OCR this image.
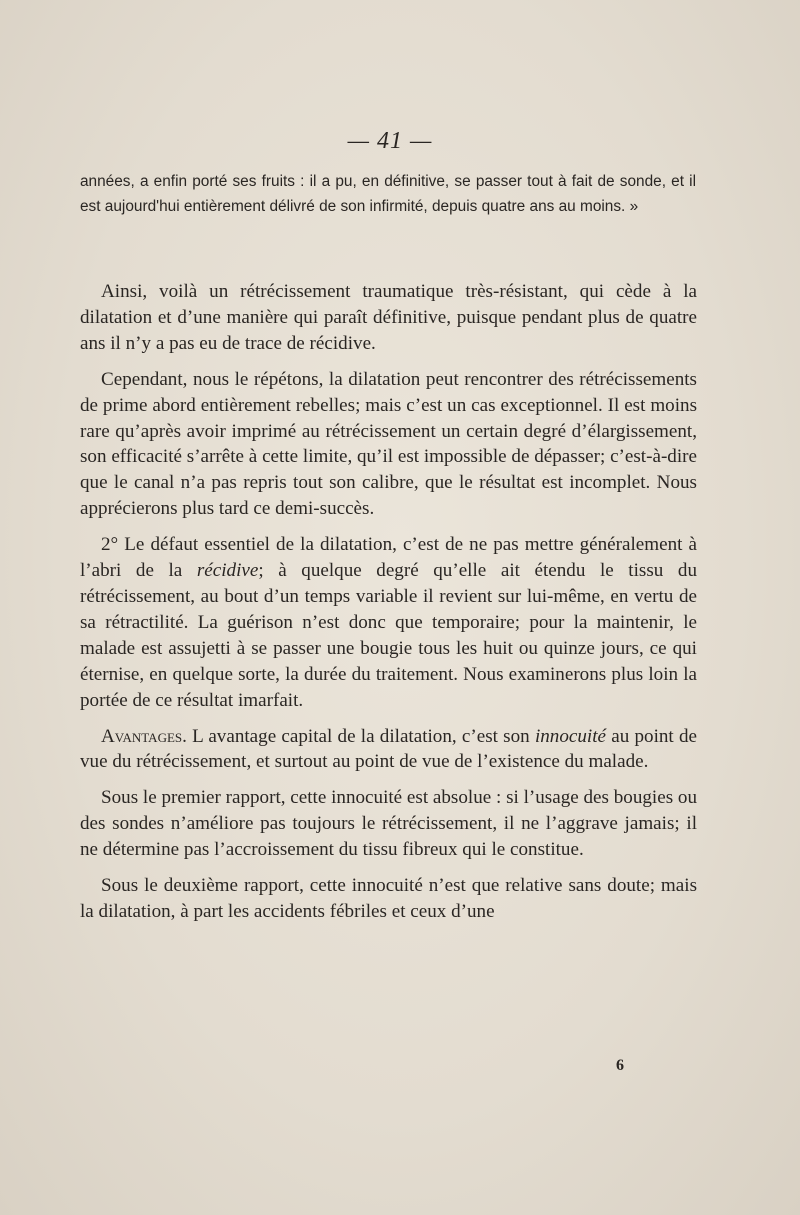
— 41 —

années, a enfin porté ses fruits : il a pu, en définitive, se passer tout à fait de sonde, et il est aujourd'hui entièrement délivré de son infirmité, depuis quatre ans au moins. »

Ainsi, voilà un rétrécissement traumatique très-résistant, qui cède à la dilatation et d’une manière qui paraît définitive, puisque pendant plus de quatre ans il n’y a pas eu de trace de récidive.

Cependant, nous le répétons, la dilatation peut rencontrer des rétrécissements de prime abord entièrement rebelles; mais c’est un cas exceptionnel. Il est moins rare qu’après avoir imprimé au rétrécissement un certain degré d’élargissement, son efficacité s’arrête à cette limite, qu’il est impossible de dépasser; c’est-à-dire que le canal n’a pas repris tout son calibre, que le résultat est incomplet. Nous apprécierons plus tard ce demi-succès.

2° Le défaut essentiel de la dilatation, c’est de ne pas mettre généralement à l’abri de la récidive; à quelque degré qu’elle ait étendu le tissu du rétrécissement, au bout d’un temps variable il revient sur lui-même, en vertu de sa rétractilité. La guérison n’est donc que temporaire; pour la maintenir, le malade est assujetti à se passer une bougie tous les huit ou quinze jours, ce qui éternise, en quelque sorte, la durée du traitement. Nous examinerons plus loin la portée de ce résultat imarfait.

Avantages. L avantage capital de la dilatation, c’est son innocuité au point de vue du rétrécissement, et surtout au point de vue de l’existence du malade.

Sous le premier rapport, cette innocuité est absolue : si l’usage des bougies ou des sondes n’améliore pas toujours le rétrécissement, il ne l’aggrave jamais; il ne détermine pas l’accroissement du tissu fibreux qui le constitue.

Sous le deuxième rapport, cette innocuité n’est que relative sans doute; mais la dilatation, à part les accidents fébriles et ceux d’une

6
